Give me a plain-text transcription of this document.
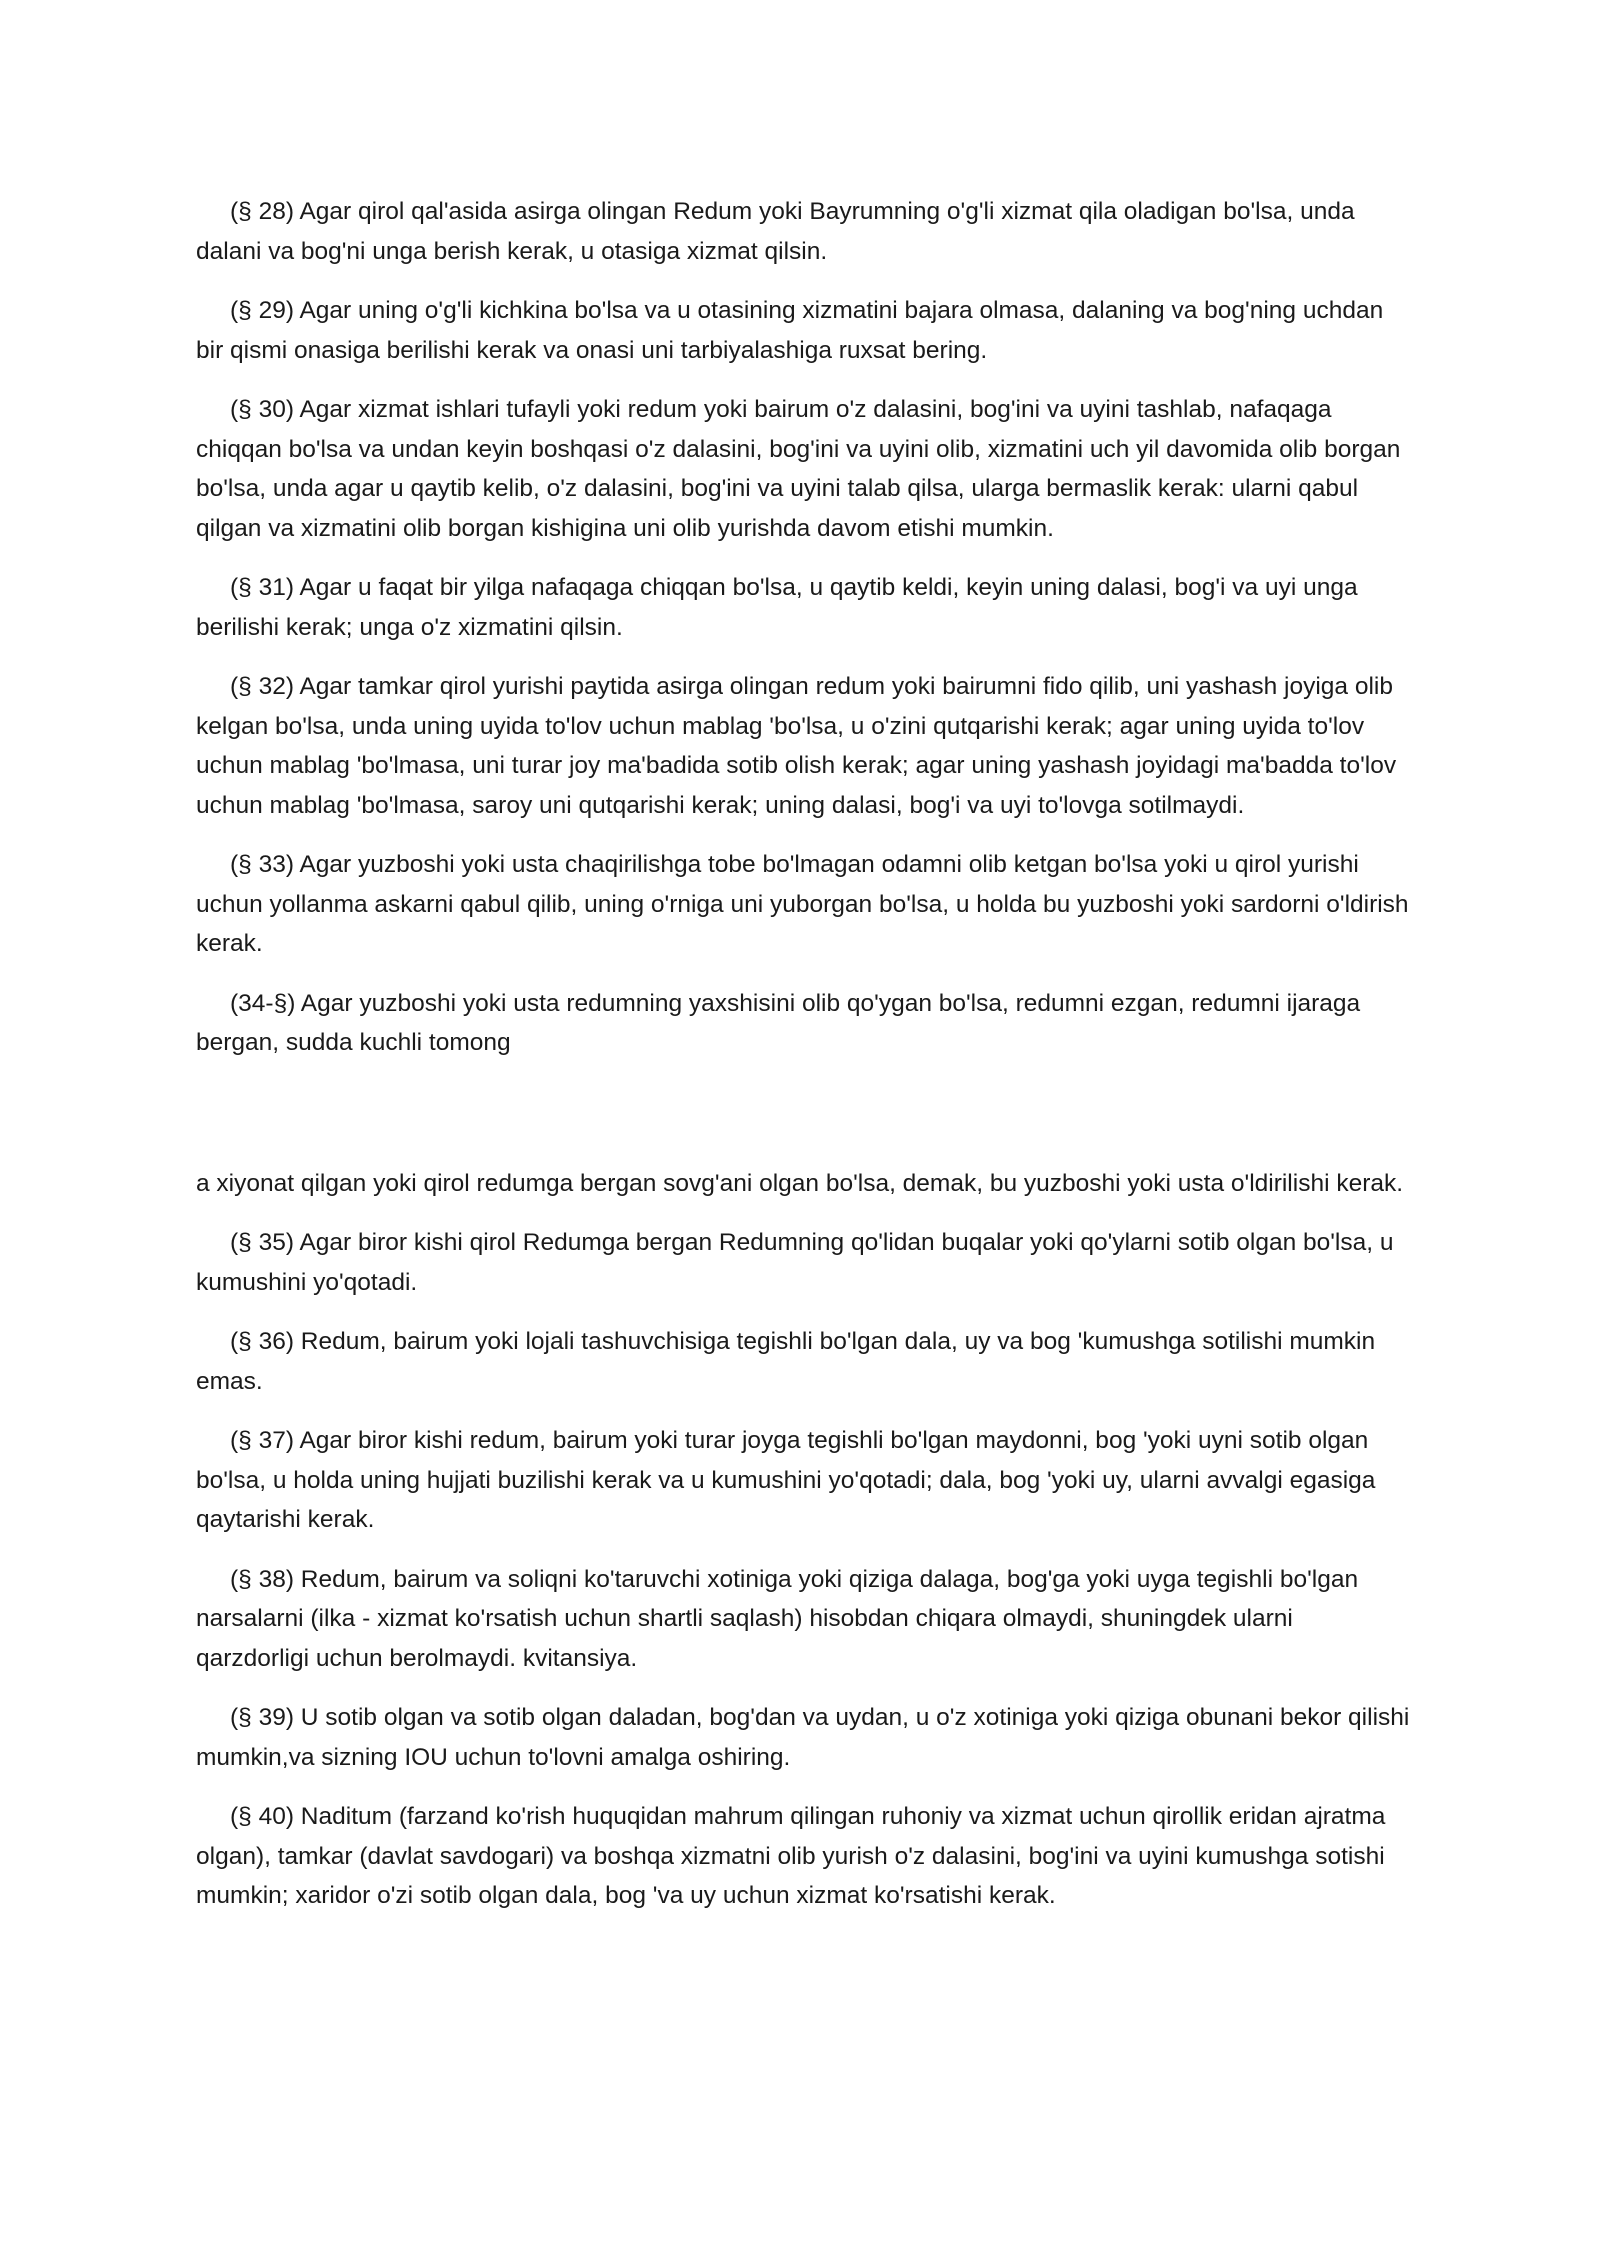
(§ 28) Agar qirol qal'asida asirga olingan Redum yoki Bayrumning o'g'li xizmat qila oladigan bo'lsa, unda dalani va bog'ni unga berish kerak, u otasiga xizmat qilsin.

(§ 29) Agar uning o'g'li kichkina bo'lsa va u otasining xizmatini bajara olmasa, dalaning va bog'ning uchdan bir qismi onasiga berilishi kerak va onasi uni tarbiyalashiga ruxsat bering.

(§ 30) Agar xizmat ishlari tufayli yoki redum yoki bairum o'z dalasini, bog'ini va uyini tashlab, nafaqaga chiqqan bo'lsa va undan keyin boshqasi o'z dalasini, bog'ini va uyini olib, xizmatini uch yil davomida olib borgan bo'lsa, unda agar u qaytib kelib, o'z dalasini, bog'ini va uyini talab qilsa, ularga bermaslik kerak: ularni qabul qilgan va xizmatini olib borgan kishigina uni olib yurishda davom etishi mumkin.

(§ 31) Agar u faqat bir yilga nafaqaga chiqqan bo'lsa, u qaytib keldi, keyin uning dalasi, bog'i va uyi unga berilishi kerak; unga o'z xizmatini qilsin.

(§ 32) Agar tamkar qirol yurishi paytida asirga olingan redum yoki bairumni fido qilib, uni yashash joyiga olib kelgan bo'lsa, unda uning uyida to'lov uchun mablag 'bo'lsa, u o'zini qutqarishi kerak; agar uning uyida to'lov uchun mablag 'bo'lmasa, uni turar joy ma'badida sotib olish kerak; agar uning yashash joyidagi ma'badda to'lov uchun mablag 'bo'lmasa, saroy uni qutqarishi kerak; uning dalasi, bog'i va uyi to'lovga sotilmaydi.

(§ 33) Agar yuzboshi yoki usta chaqirilishga tobe bo'lmagan odamni olib ketgan bo'lsa yoki u qirol yurishi uchun yollanma askarni qabul qilib, uning o'rniga uni yuborgan bo'lsa, u holda bu yuzboshi yoki sardorni o'ldirish kerak.

(34-§) Agar yuzboshi yoki usta redumning yaxshisini olib qo'ygan bo'lsa, redumni ezgan, redumni ijaraga bergan, sudda kuchli tomong

a xiyonat qilgan yoki qirol redumga bergan sovg'ani olgan bo'lsa, demak, bu yuzboshi yoki usta o'ldirilishi kerak.

(§ 35) Agar biror kishi qirol Redumga bergan Redumning qo'lidan buqalar yoki qo'ylarni sotib olgan bo'lsa, u kumushini yo'qotadi.

(§ 36) Redum, bairum yoki lojali tashuvchisiga tegishli bo'lgan dala, uy va bog 'kumushga sotilishi mumkin emas.

(§ 37) Agar biror kishi redum, bairum yoki turar joyga tegishli bo'lgan maydonni, bog 'yoki uyni sotib olgan bo'lsa, u holda uning hujjati buzilishi kerak va u kumushini yo'qotadi; dala, bog 'yoki uy, ularni avvalgi egasiga qaytarishi kerak.

(§ 38) Redum, bairum va soliqni ko'taruvchi xotiniga yoki qiziga dalaga, bog'ga yoki uyga tegishli bo'lgan narsalarni (ilka - xizmat ko'rsatish uchun shartli saqlash) hisobdan chiqara olmaydi, shuningdek ularni qarzdorligi uchun berolmaydi. kvitansiya.

(§ 39) U sotib olgan va sotib olgan daladan, bog'dan va uydan, u o'z xotiniga yoki qiziga obunani bekor qilishi mumkin,va sizning IOU uchun to'lovni amalga oshiring.

(§ 40) Naditum (farzand ko'rish huquqidan mahrum qilingan ruhoniy va xizmat uchun qirollik eridan ajratma olgan), tamkar (davlat savdogari) va boshqa xizmatni olib yurish o'z dalasini, bog'ini va uyini kumushga sotishi mumkin; xaridor o'zi sotib olgan dala, bog 'va uy uchun xizmat ko'rsatishi kerak.
